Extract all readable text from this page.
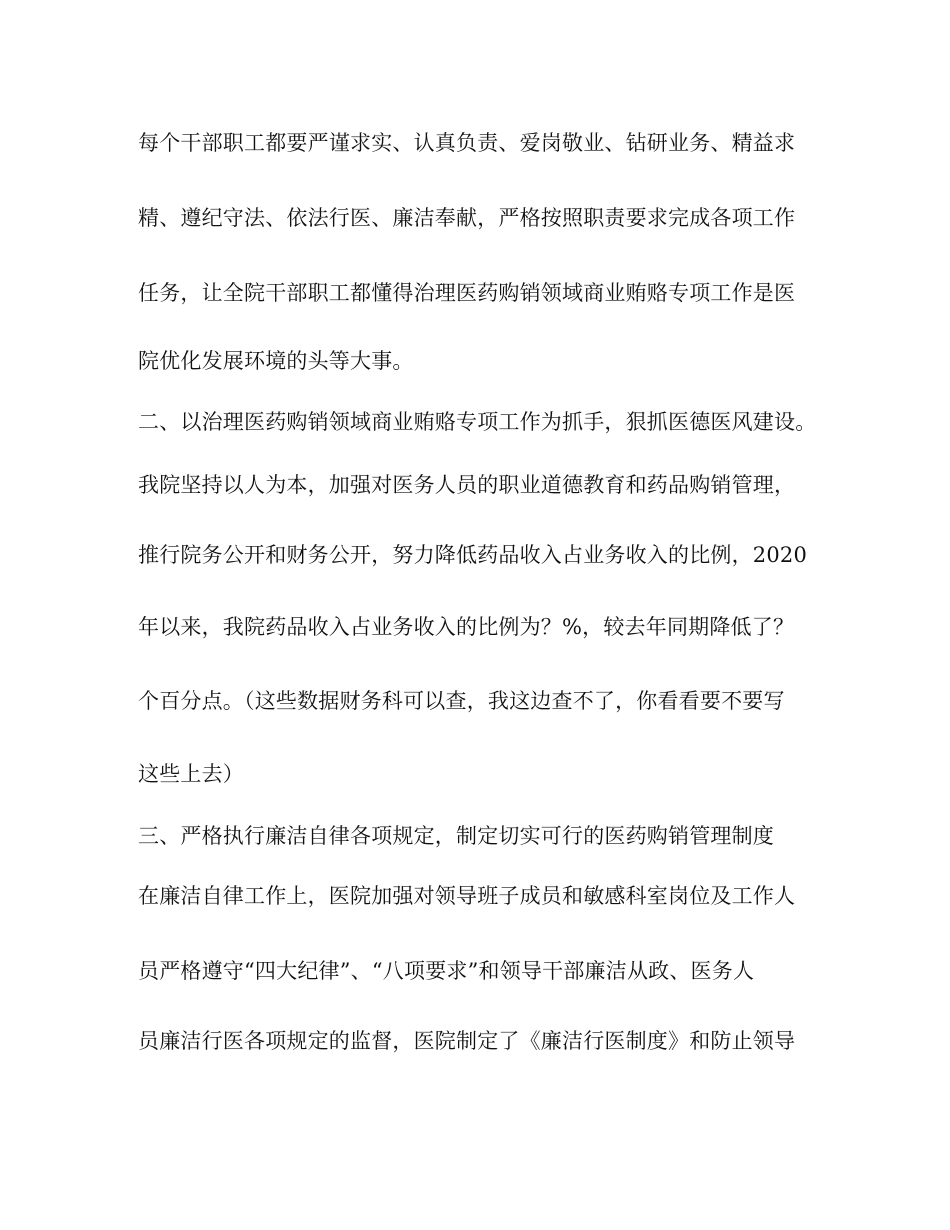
每个干部职工都要严谨求实、认真负责、爱岗敬业、钻研业务、精益求
精、遵纪守法、依法行医、廉洁奉献，严格按照职责要求完成各项工作
任务，让全院干部职工都懂得治理医药购销领域商业贿赂专项工作是医
院优化发展环境的头等大事。
二、以治理医药购销领域商业贿赂专项工作为抓手，狠抓医德医风建设。
我院坚持以人为本，加强对医务人员的职业道德教育和药品购销管理，
推行院务公开和财务公开，努力降低药品收入占业务收入的比例，2020
年以来，我院药品收入占业务收入的比例为？%，较去年同期降低了？
个百分点。（这些数据财务科可以查，我这边查不了，你看看要不要写
这些上去）
三、严格执行廉洁自律各项规定，制定切实可行的医药购销管理制度
在廉洁自律工作上，医院加强对领导班子成员和敏感科室岗位及工作人
员严格遵守“四大纪律”、“八项要求”和领导干部廉洁从政、医务人
员廉洁行医各项规定的监督，医院制定了《廉洁行医制度》和防止领导
